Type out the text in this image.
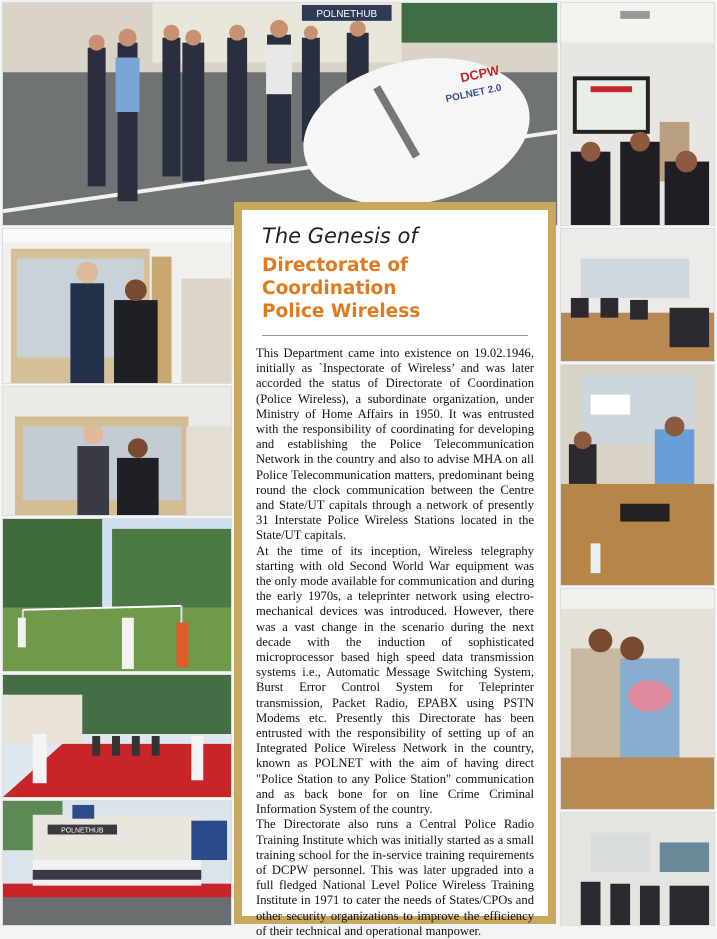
POLNETHUB
DCPW
POLNET 2.0
POLNETHUB
The Genesis of
Directorate of Coordination
Police Wireless

This Department came into existence on 19.02.1946, initially as `Inspectorate of Wireless’ and was later accorded the status of Directorate of Coordination (Police Wireless), a subordinate organization, under Ministry of Home Affairs in 1950. It was entrusted with the responsibility of coordinating for developing and establishing the Police Telecommunication Network in the country and also to advise MHA on all Police Telecommunication matters, predominant being round the clock communication between the Centre and State/UT capitals through a network of presently 31 Interstate Police Wireless Stations located in the State/UT capitals.

At the time of its inception, Wireless telegraphy starting with old Second World War equipment was the only mode available for communication and during the early 1970s, a teleprinter network using electro-mechanical devices was introduced. However, there was a vast change in the scenario during the next decade with the induction of sophisticated microprocessor based high speed data transmission systems i.e., Automatic Message Switching System, Burst Error Control System for Teleprinter transmission, Packet Radio, EPABX using PSTN Modems etc. Presently this Directorate has been entrusted with the responsibility of setting up of an Integrated Police Wireless Network in the country, known as POLNET with the aim of having direct "Police Station to any Police Station" communication and as back bone for on line Crime Criminal Information System of the country.

The Directorate also runs a Central Police Radio Training Institute which was initially started as a small training school for the in-service training requirements of DCPW personnel. This was later upgraded into a full fledged National Level Police Wireless Training Institute in 1971 to cater the needs of States/CPOs and other security organizations to improve the efficiency of their technical and operational manpower.
